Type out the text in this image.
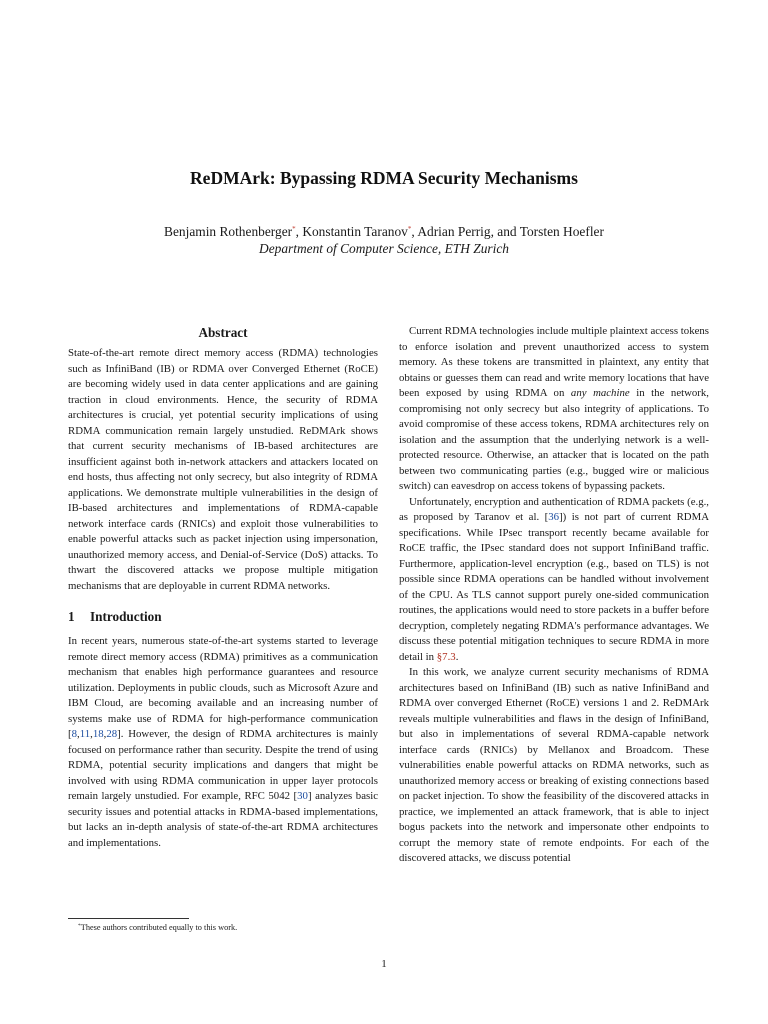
ReDMArk: Bypassing RDMA Security Mechanisms
Benjamin Rothenberger*, Konstantin Taranov*, Adrian Perrig, and Torsten Hoefler
Department of Computer Science, ETH Zurich
Abstract

State-of-the-art remote direct memory access (RDMA) technologies such as InfiniBand (IB) or RDMA over Converged Ethernet (RoCE) are becoming widely used in data center applications and are gaining traction in cloud environments. Hence, the security of RDMA architectures is crucial, yet potential security implications of using RDMA communication remain largely unstudied. ReDMArk shows that current security mechanisms of IB-based architectures are insufficient against both in-network attackers and attackers located on end hosts, thus affecting not only secrecy, but also integrity of RDMA applications. We demonstrate multiple vulnerabilities in the design of IB-based architectures and implementations of RDMA-capable network interface cards (RNICs) and exploit those vulnerabilities to enable powerful attacks such as packet injection using impersonation, unauthorized memory access, and Denial-of-Service (DoS) attacks. To thwart the discovered attacks we propose multiple mitigation mechanisms that are deployable in current RDMA networks.

1 Introduction

In recent years, numerous state-of-the-art systems started to leverage remote direct memory access (RDMA) primitives as a communication mechanism that enables high performance guarantees and resource utilization. Deployments in public clouds, such as Microsoft Azure and IBM Cloud, are becoming available and an increasing number of systems make use of RDMA for high-performance communication [8,11,18,28]. However, the design of RDMA architectures is mainly focused on performance rather than security. Despite the trend of using RDMA, potential security implications and dangers that might be involved with using RDMA communication in upper layer protocols remain largely unstudied. For example, RFC 5042 [30] analyzes basic security issues and potential attacks in RDMA-based implementations, but lacks an in-depth analysis of state-of-the-art RDMA architectures and implementations.

Current RDMA technologies include multiple plaintext access tokens to enforce isolation and prevent unauthorized access to system memory. As these tokens are transmitted in plaintext, any entity that obtains or guesses them can read and write memory locations that have been exposed by using RDMA on any machine in the network, compromising not only secrecy but also integrity of applications. To avoid compromise of these access tokens, RDMA architectures rely on isolation and the assumption that the underlying network is a well-protected resource. Otherwise, an attacker that is located on the path between two communicating parties (e.g., bugged wire or malicious switch) can eavesdrop on access tokens of bypassing packets.

Unfortunately, encryption and authentication of RDMA packets (e.g., as proposed by Taranov et al. [36]) is not part of current RDMA specifications. While IPsec transport recently became available for RoCE traffic, the IPsec standard does not support InfiniBand traffic. Furthermore, application-level encryption (e.g., based on TLS) is not possible since RDMA operations can be handled without involvement of the CPU. As TLS cannot support purely one-sided communication routines, the applications would need to store packets in a buffer before decryption, completely negating RDMA's performance advantages. We discuss these potential mitigation techniques to secure RDMA in more detail in §7.3.

In this work, we analyze current security mechanisms of RDMA architectures based on InfiniBand (IB) such as native InfiniBand and RDMA over converged Ethernet (RoCE) versions 1 and 2. ReDMArk reveals multiple vulnerabilities and flaws in the design of InfiniBand, but also in implementations of several RDMA-capable network interface cards (RNICs) by Mellanox and Broadcom. These vulnerabilities enable powerful attacks on RDMA networks, such as unauthorized memory access or breaking of existing connections based on packet injection. To show the feasibility of the discovered attacks in practice, we implemented an attack framework, that is able to inject bogus packets into the network and impersonate other endpoints to corrupt the memory state of remote endpoints. For each of the discovered attacks, we discuss potential

*These authors contributed equally to this work.
1
